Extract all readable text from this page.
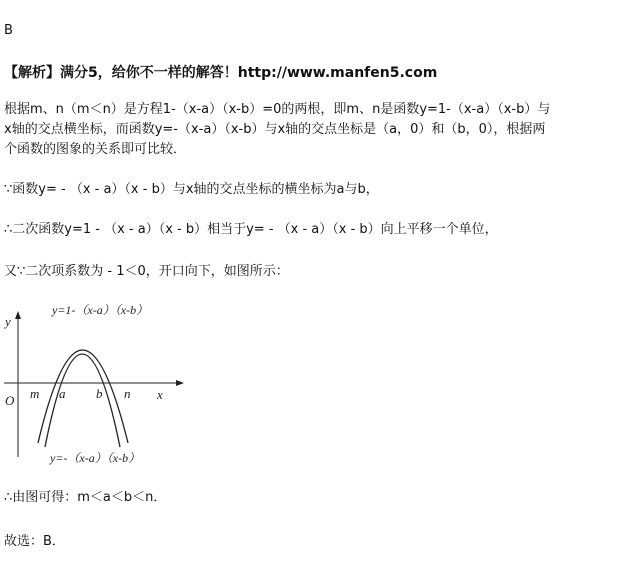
B
【解析】满分5，给你不一样的解答！http://www.manfen5.com
根据m、n（m＜n）是方程1-（x-a）（x-b）=0的两根，即m、n是函数y=1-（x-a）（x-b）与
x轴的交点横坐标，而函数y=-（x-a）（x-b）与x轴的交点坐标是（a，0）和（b，0），根据两
个函数的图象的关系即可比较．
∵函数y= - （x - a）（x - b）与x轴的交点坐标的横坐标为a与b，
∴二次函数y=1 - （x - a）（x - b）相当于y= - （x - a）（x - b）向上平移一个单位，
又∵二次项系数为 - 1＜0，开口向下，如图所示：
y
x
O m a b n
y=1-（x-a）（x-b）
y=-（x-a）（x-b）
∴由图可得：m＜a＜b＜n．
故选：B．
